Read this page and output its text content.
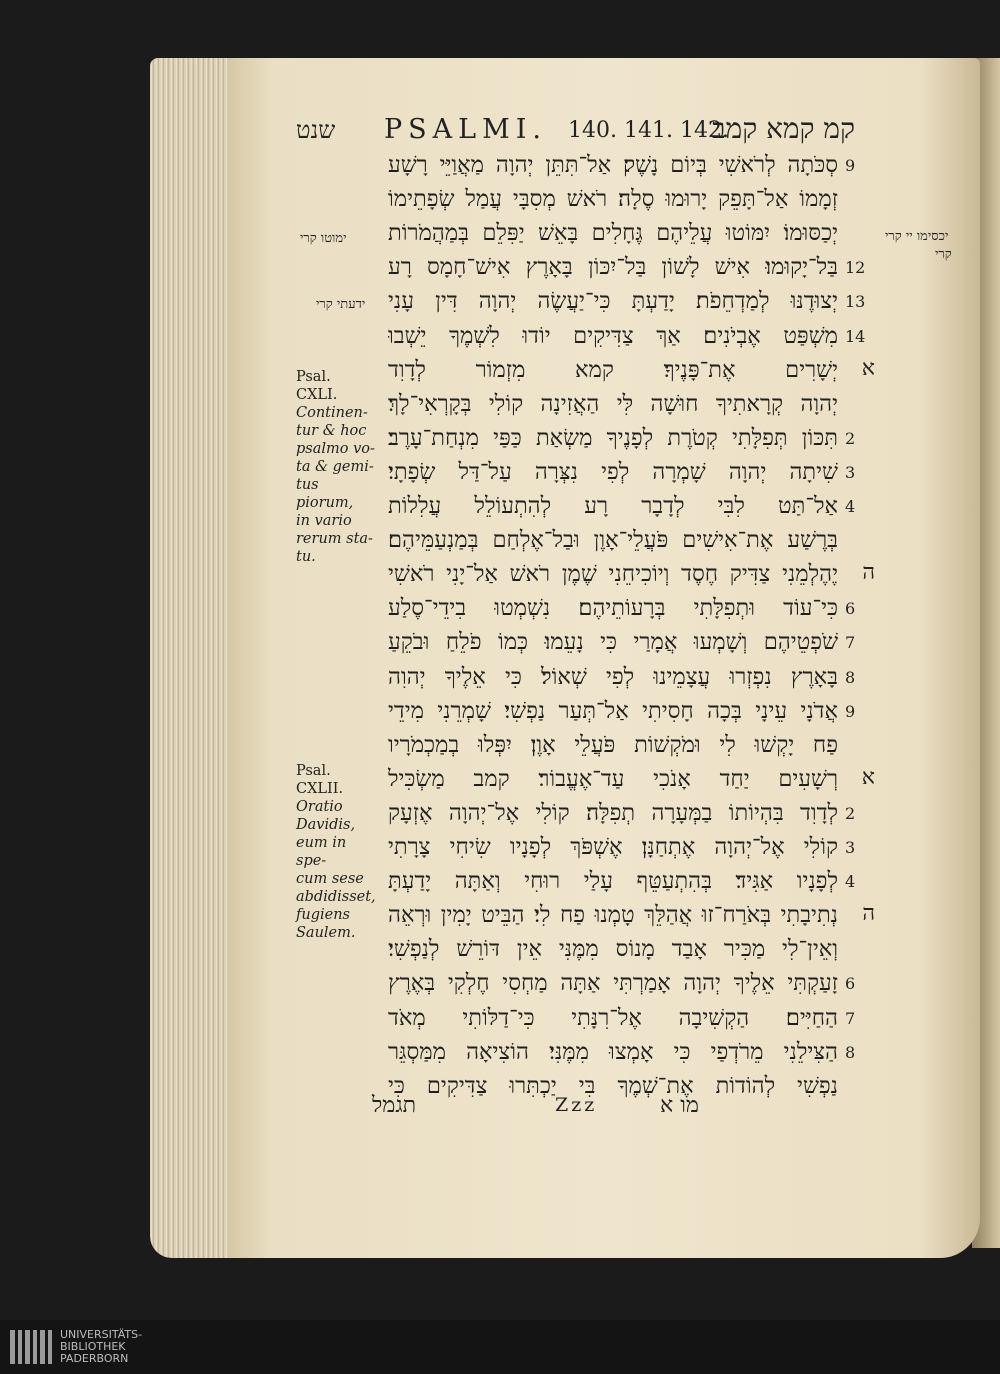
שנט PSALMI. 140. 141. 142.
קמ קמא קמב
סְכֹּתָה לְרֹאשִׁי בְּיוֹם נָשֶׁק׃ אַל־תִּתֵּן יְהוָה מַאֲוַיֵּי רָשָׁע 9
זְמָמוֹ אַל־תָּפֵק יָרוּמוּ סֶלָה׃ רֹאשׁ מְסִבָּי עֲמַל שְׂפָתֵימוֹ
יְכַסּוּמוֹ׃ יִמּוֹטוּ עֲלֵיהֶם גֶּחָלִים בָּאֵשׁ יַפִּלֵם בְּמַהֲמֹרוֹת
בַּל־יָקוּמוּ׃ אִישׁ לָשׁוֹן בַּל־יִכּוֹן בָּאָרֶץ אִישׁ־חָמָס רָע 12
יְצוּדֶנּוּ לְמַדְחֵפֹת׃ יָדַעְתָּ כִּי־יַעֲשֶׂה יְהוָה דִּין עָנִי 13
מִשְׁפַּט אֶבְיֹנִים׃ אַךְ צַדִּיקִים יוֹדוּ לִשְׁמֶךָ יֵשְׁבוּ 14
יְשָׁרִים אֶת־פָּנֶיךָ׃ קמא מִזְמוֹר לְדָוִד	א
יְהוָה קְרָאתִיךָ חוּשָׁה לִּי הַאֲזִינָה קוֹלִי בְּקָרְאִי־לָךְ׃
תִּכּוֹן תְּפִלָּתִי קְטֹרֶת לְפָנֶיךָ מַשְׂאַת כַּפַּי מִנְחַת־עָרֶב׃ 2
שִׁיתָה יְהוָה שָׁמְרָה לְפִי נִצְּרָה עַל־דַּל שְׂפָתָי׃ 3
אַל־תַּט לִבִּי לְדָבָר רָע לְהִתְעוֹלֵל עֲלִלוֹת 4
בְּרֶשַׁע אֶת־אִישִׁים פֹּעֲלֵי־אָוֶן וּבַל־אֶלְחַם בְּמַנְעַמֵּיהֶם׃
יֶהֶלְמֵנִי צַדִּיק חֶסֶד וְיוֹכִיחֵנִי שֶׁמֶן רֹאשׁ אַל־יָנִי רֹאשִׁי	ה
כִּי־עוֹד וּתְפִלָּתִי בְּרָעוֹתֵיהֶם׃ נִשְׁמְטוּ בִידֵי־סֶלַע 6
שֹׁפְטֵיהֶם וְשָׁמְעוּ אֲמָרַי כִּי נָעֵמוּ׃ כְּמוֹ פֹלֵחַ וּבֹקֵעַ 7
בָּאָרֶץ נִפְזְרוּ עֲצָמֵינוּ לְפִי שְׁאוֹל׃ כִּי אֵלֶיךָ יְהוִה 8
אֲדֹנָי עֵינָי בְּכָה חָסִיתִי אַל־תְּעַר נַפְשִׁי׃ שָׁמְרֵנִי מִידֵי 9
פַח יָקְשׁוּ לִי וּמֹקְשׁוֹת פֹּעֲלֵי אָוֶן׃ יִפְּלוּ בְמַכְמֹרָיו
רְשָׁעִים יַחַד אָנֹכִי עַד־אֶעֱבוֹר׃ קמב מַשְׂכִּיל	א
לְדָוִד בִּהְיוֹתוֹ בַמְּעָרָה תְפִלָּה׃ קוֹלִי אֶל־יְהוָה אֶזְעָק 2
קוֹלִי אֶל־יְהוָה אֶתְחַנָּן׃ אֶשְׁפֹּךְ לְפָנָיו שִׂיחִי צָרָתִי 3
לְפָנָיו אַגִּיד׃ בְּהִתְעַטֵּף עָלַי רוּחִי וְאַתָּה יָדַעְתָּ 4
נְתִיבָתִי בְּאֹרַח־זוּ אֲהַלֵּךְ טָמְנוּ פַח לִי׃ הַבֵּיט יָמִין וּרְאֵה	ה
וְאֵין־לִי מַכִּיר אָבַד מָנוֹס מִמֶּנִּי אֵין דּוֹרֵשׁ לְנַפְשִׁי׃
זָעַקְתִּי אֵלֶיךָ יְהוָה אָמַרְתִּי אַתָּה מַחְסִי חֶלְקִי בְּאֶרֶץ 6
הַחַיִּים׃ הַקְשִׁיבָה אֶל־רִנָּתִי כִּי־דַלּוֹתִי מְאֹד 7
הַצִּילֵנִי מֵרֹדְפַי כִּי אָמְצוּ מִמֶּנִּי׃ הוֹצִיאָה מִמַּסְגֵּר 8
נַפְשִׁי לְהוֹדוֹת אֶת־שְׁמֶךָ בִּי יַכְתִּרוּ צַדִּיקִים כִּי
יכסימו יי קרי
קרי
ימוטו קרי
ידעתי קרי
Psal. CXLI.
Continen-
tur & hoc
psalmo vo-
ta & gemi-
tus piorum,
in vario
rerum sta-
tu.
Psal. CXLII.
Oratio
Davidis,
eum in spe-
cum sese
abdidisset,
fugiens
Saulem.
מו א
Zzz
תגמל
UNIVERSITÄTS-
BIBLIOTHEK
PADERBORN
